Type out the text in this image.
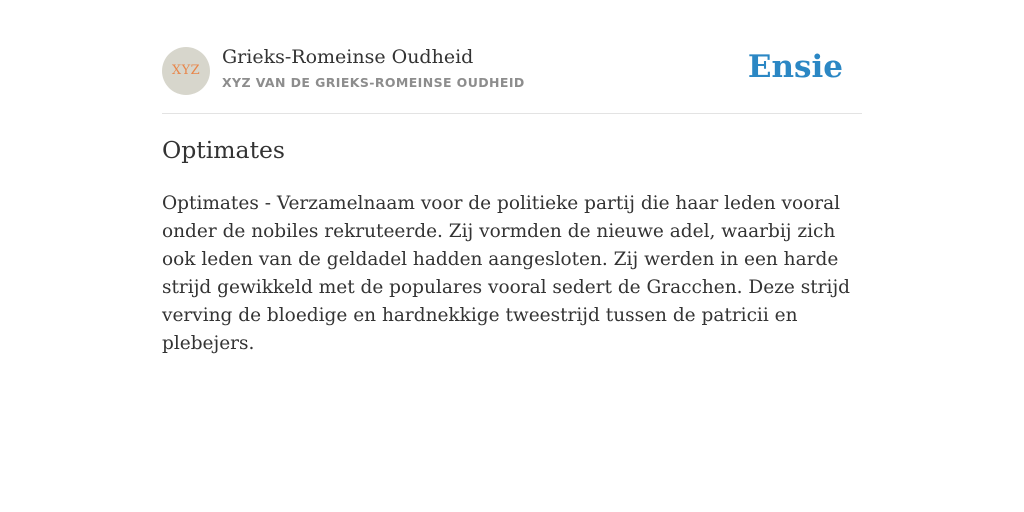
XYZ
Grieks-Romeinse Oudheid
XYZ VAN DE GRIEKS-ROMEINSE OUDHEID	Ensie
Optimates

Optimates - Verzamelnaam voor de politieke partij die haar leden vooral onder de nobiles rekruteerde. Zij vormden de nieuwe adel, waarbij zich ook leden van de geldadel hadden aangesloten. Zij werden in een harde strijd gewikkeld met de populares vooral sedert de Gracchen. Deze strijd verving de bloedige en hardnekkige tweestrijd tussen de patricii en plebejers.
